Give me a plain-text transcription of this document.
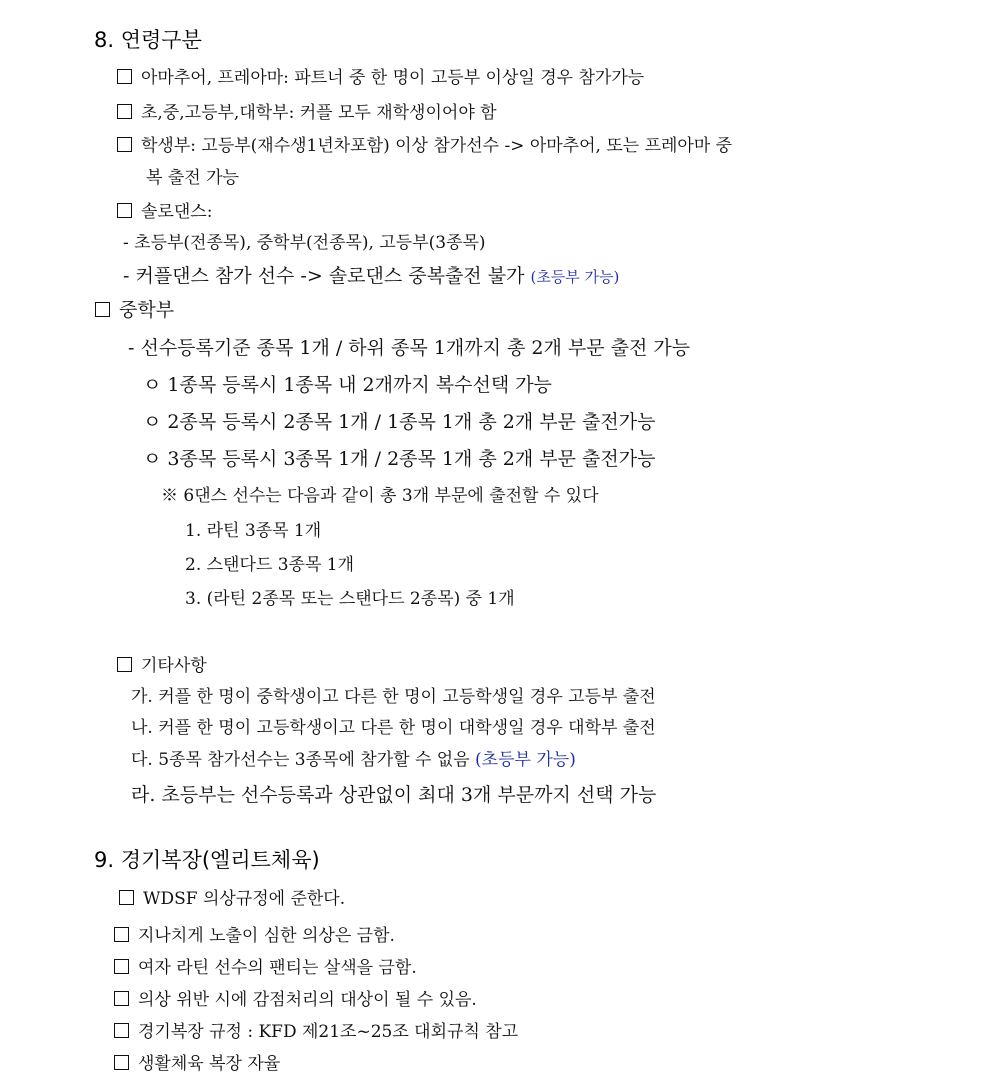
8. 연령구분
아마추어, 프레아마: 파트너 중 한 명이 고등부 이상일 경우 참가가능
초,중,고등부,대학부: 커플 모두 재학생이어야 함
학생부: 고등부(재수생1년차포함) 이상 참가선수 -> 아마추어, 또는 프레아마 중
복 출전 가능
솔로댄스:
- 초등부(전종목), 중학부(전종목), 고등부(3종목)
- 커플댄스 참가 선수 -> 솔로댄스 중복출전 불가 (초등부 가능)
중학부
- 선수등록기준 종목 1개 / 하위 종목 1개까지 총 2개 부문 출전 가능
ㅇ 1종목 등록시 1종목 내 2개까지 복수선택 가능
ㅇ 2종목 등록시 2종목 1개 / 1종목 1개 총 2개 부문 출전가능
ㅇ 3종목 등록시 3종목 1개 / 2종목 1개 총 2개 부문 출전가능
※ 6댄스 선수는 다음과 같이 총 3개 부문에 출전할 수 있다
1. 라틴 3종목 1개
2. 스탠다드 3종목 1개
3. (라틴 2종목 또는 스탠다드 2종목) 중 1개
기타사항
가. 커플 한 명이 중학생이고 다른 한 명이 고등학생일 경우 고등부 출전
나. 커플 한 명이 고등학생이고 다른 한 명이 대학생일 경우 대학부 출전
다. 5종목 참가선수는 3종목에 참가할 수 없음 (초등부 가능)
라. 초등부는 선수등록과 상관없이 최대 3개 부문까지 선택 가능
9. 경기복장(엘리트체육)
WDSF 의상규정에 준한다.
지나치게 노출이 심한 의상은 금함.
여자 라틴 선수의 팬티는 살색을 금함.
의상 위반 시에 감점처리의 대상이 될 수 있음.
경기복장 규정 : KFD 제21조~25조 대회규칙 참고
생활체육 복장 자율
